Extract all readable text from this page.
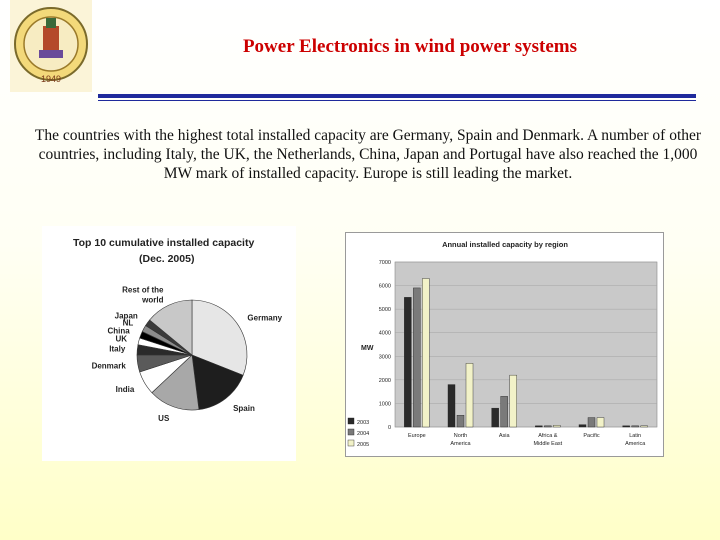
1949
Power Electronics in wind power systems
The countries with the highest total installed capacity are Germany, Spain and Denmark. A number of other countries, including Italy, the UK, the Netherlands, China, Japan and Portugal have also reached the 1,000 MW mark of installed capacity. Europe is still leading the market.
Top 10 cumulative installed capacity
(Dec. 2005)
Germany
Spain
US
India
Denmark
Italy
UK
China
NL
Japan
Rest of the
world
Annual installed capacity by region
MW
0
1000
2000
3000
4000
5000
6000
7000
Europe	North
America
Asia	Africa &
Middle East
Pacific	Latin
America
2003
2004
2005
